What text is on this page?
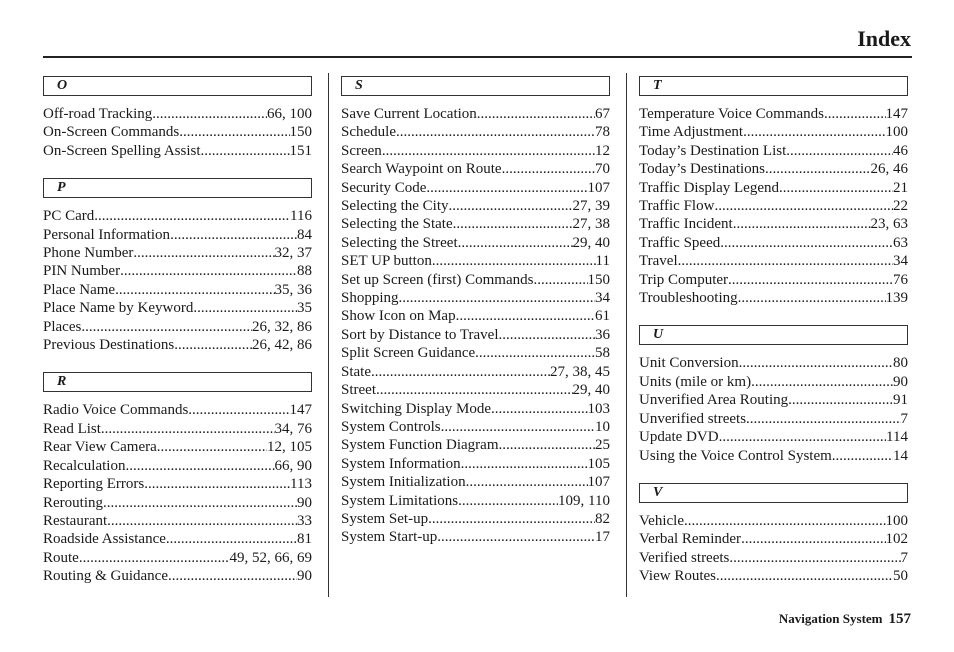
Index
O
Off-road Tracking .....	66, 100
On-Screen Commands .....	150
On-Screen Spelling Assist .....	151
P
PC Card .....	116
Personal Information .....	84
Phone Number .....	32, 37
PIN Number .....	88
Place Name .....	35, 36
Place Name by Keyword .....	35
Places .....	26, 32, 86
Previous Destinations .....	26, 42, 86
R
Radio Voice Commands .....	147
Read List .....	34, 76
Rear View Camera .....	12, 105
Recalculation .....	66, 90
Reporting Errors .....	113
Rerouting .....	90
Restaurant .....	33
Roadside Assistance .....	81
Route .....	49, 52, 66, 69
Routing & Guidance .....	90
S
Save Current Location .....	67
Schedule .....	78
Screen .....	12
Search Waypoint on Route .....	70
Security Code .....	107
Selecting the City .....	27, 39
Selecting the State .....	27, 38
Selecting the Street .....	29, 40
SET UP button .....	11
Set up Screen (first) Commands .....	150
Shopping .....	34
Show Icon on Map .....	61
Sort by Distance to Travel .....	36
Split Screen Guidance .....	58
State .....	27, 38, 45
Street .....	29, 40
Switching Display Mode .....	103
System Controls .....	10
System Function Diagram .....	25
System Information .....	105
System Initialization .....	107
System Limitations .....	109, 110
System Set-up .....	82
System Start-up .....	17
T
Temperature Voice Commands .....	147
Time Adjustment .....	100
Today’s Destination List .....	46
Today’s Destinations .....	26, 46
Traffic Display Legend .....	21
Traffic Flow .....	22
Traffic Incident .....	23, 63
Traffic Speed .....	63
Travel .....	34
Trip Computer .....	76
Troubleshooting .....	139
U
Unit Conversion .....	80
Units (mile or km) .....	90
Unverified Area Routing .....	91
Unverified streets .....	7
Update DVD .....	114
Using the Voice Control System .....	14
V
Vehicle .....	100
Verbal Reminder .....	102
Verified streets .....	7
View Routes .....	50
Navigation System 157
